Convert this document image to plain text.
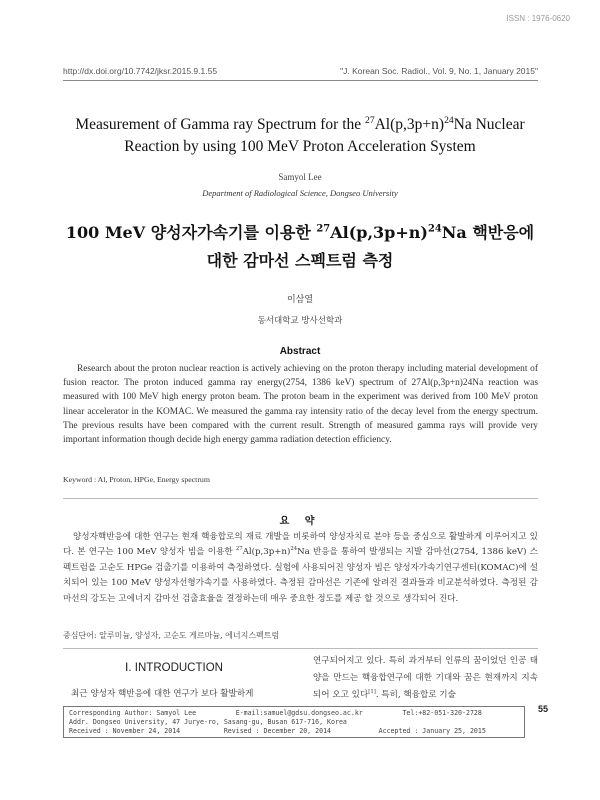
ISSN : 1976-0620
http://dx.doi.org/10.7742/jksr.2015.9.1.55	"J. Korean Soc. Radiol., Vol. 9, No. 1, January 2015"
Measurement of Gamma ray Spectrum for the $^{27}Al(p,3p+n)^{24}Na$ Nuclear
Reaction by using 100 MeV Proton Acceleration System
Samyol Lee
Department of Radiological Science, Dongseo University
100 MeV 양성자가속기를 이용한 $^{27}Al(p,3p+n)^{24}Na$ 핵반응에
대한 감마선 스펙트럼 측정
이삼열
동서대학교 방사선학과
Abstract

Research about the proton nuclear reaction is actively achieving on the proton therapy including material development of fusion reactor. The proton induced gamma ray energy(2754, 1386 keV) spectrum of 27Al(p,3p+n)24Na reaction was measured with 100 MeV high energy proton beam. The proton beam in the experiment was derived from 100 MeV proton linear accelerator in the KOMAC. We measured the gamma ray intensity ratio of the decay level from the energy spectrum. The previous results have been compared with the current result. Strength of measured gamma rays will provide very important information though decide high energy gamma radiation detection efficiency.

Keyword : Al, Proton, HPGe, Energy spectrum
요 약

양성자핵반응에 대한 연구는 현재 핵융합로의 재료 개발을 비롯하여 양성자치료 분야 등을 중심으로 활발하게 이루어지고 있다. 본 연구는 100 MeV 양성자 빔을 이용한 $^{27}Al(p,3p+n)^{24}Na$ 반응을 통하여 발생되는 지발 감마선(2754, 1386 keV) 스펙트럼을 고순도 HPGe 검출기를 이용하여 측정하였다. 실험에 사용되어진 양성자 빔은 양성자가속기연구센터(KOMAC)에 설치되어 있는 100 MeV 양성자선형가속기를 사용하였다. 측정된 감마선은 기존에 알려진 결과들과 비교분석하였다. 측정된 감마선의 강도는 고에너지 감마선 검출효율을 결정하는데 매우 중요한 정도를 제공 할 것으로 생각되어 진다.

중심단어: 알루미늄, 양성자, 고순도 게르마늄, 에너지스펙트럼
Ⅰ. INTRODUCTION

최근 양성자 핵반응에 대한 연구가 보다 활발하게

연구되어지고 있다. 특히 과거부터 인류의 꿈이었던 인공 태양을 만드는 핵융합연구에 대한 기대와 꿈은 현재까지 지속되어 오고 있다[1]. 특히, 핵융합로 기술

Corresponding Author: Samyol Lee          E-mail:samuel@gdsu.dongseo.ac.kr          Tel:+82-051-320-2728
Addr. Dongseo University, 47 Jurye-ro, Sasang-gu, Busan 617-716, Korea
Received : November 24, 2014           Revised : December 20, 2014            Accepted : January 25, 2015
55
